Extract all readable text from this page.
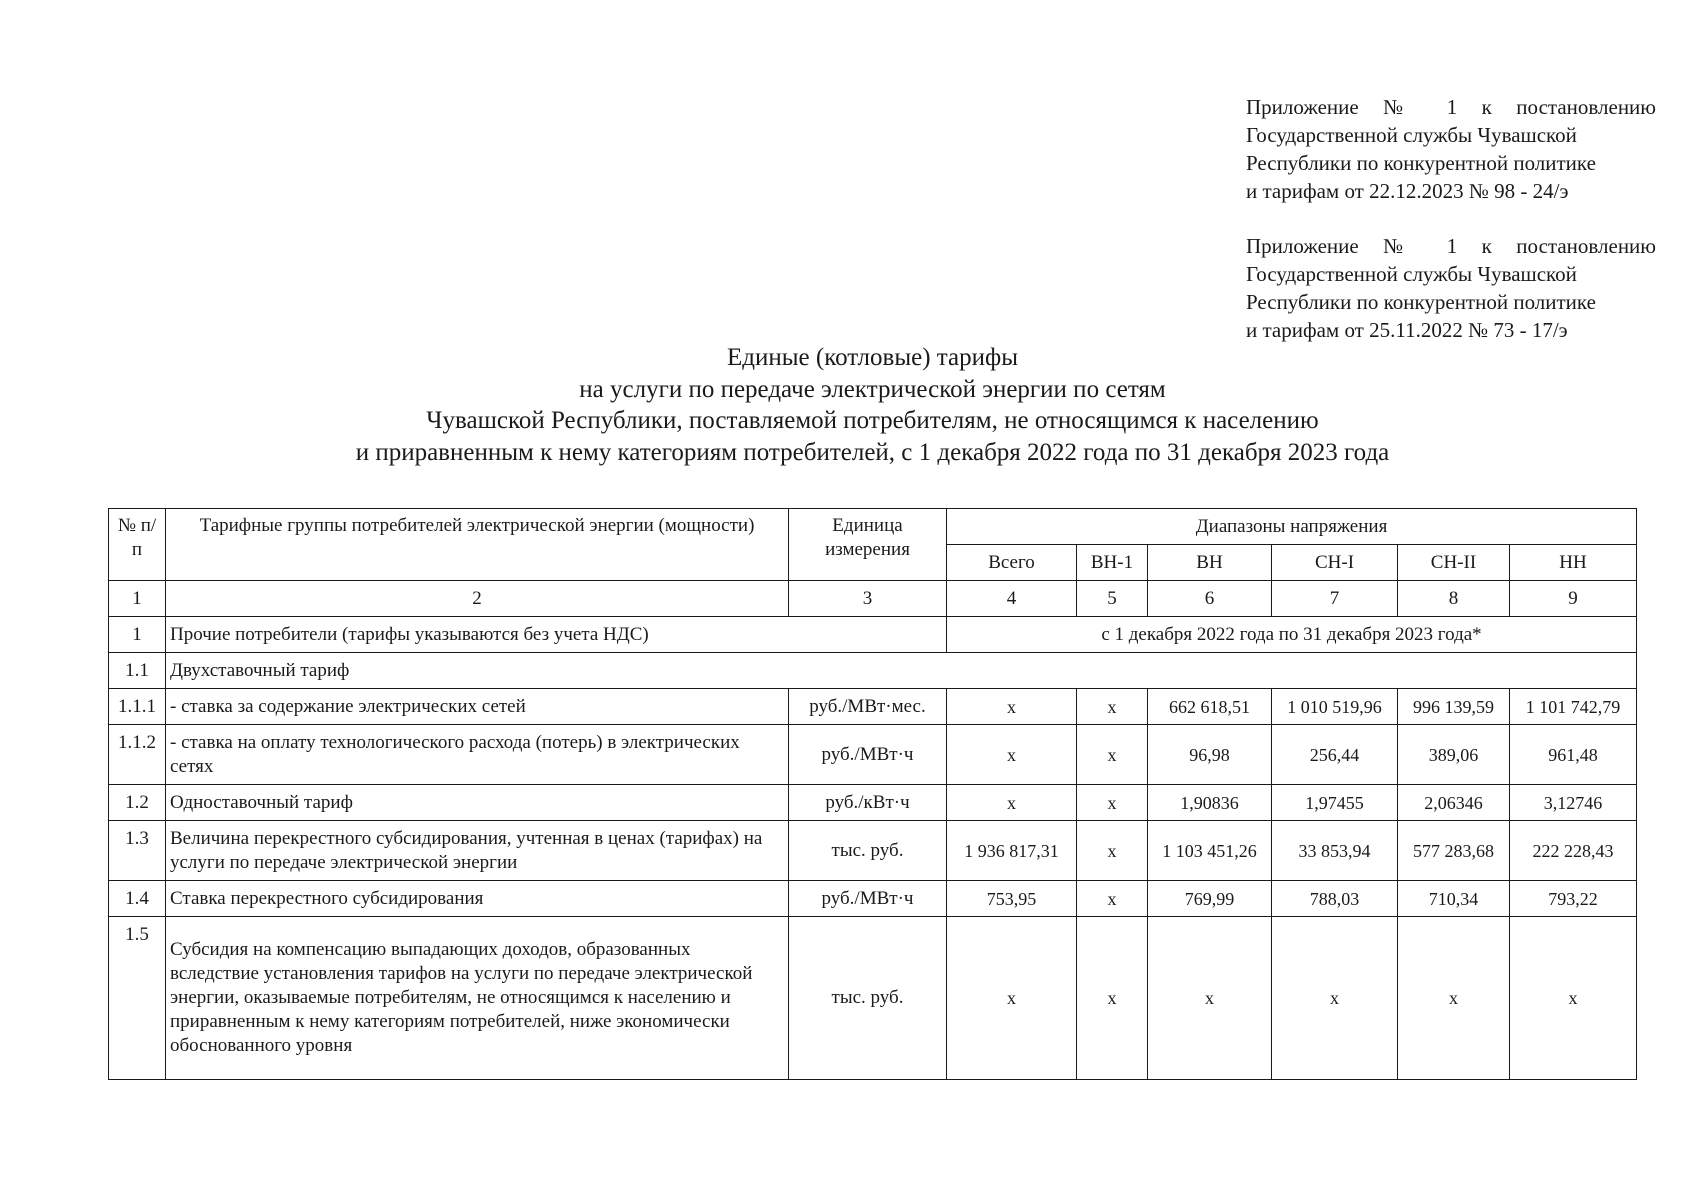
Приложение № 1 к постановлению
Государственной службы Чувашской
Республики по конкурентной политике
и тарифам от 22.12.2023 № 98 - 24/э
Приложение № 1 к постановлению
Государственной службы Чувашской
Республики по конкурентной политике
и тарифам от 25.11.2022 № 73 - 17/э
Единые (котловые) тарифы
на услуги по передаче электрической энергии по сетям
Чувашской Республики, поставляемой потребителям, не относящимся к населению
и приравненным к нему категориям потребителей, с 1 декабря 2022 года по 31 декабря 2023 года
№ п/п	Тарифные группы потребителей электрической энергии (мощности)	Единица измерения	Диапазоны напряжения					
			Всего	ВН-1	ВН	СН-I	СН-II	НН
1	2	3	4	5	6	7	8	9
1	Прочие потребители (тарифы указываются без учета НДС)		с 1 декабря 2022 года по 31 декабря 2023 года*					
1.1	Двухставочный тариф							
1.1.1	- ставка за содержание электрических сетей	руб./МВт·мес.	х	х	662 618,51	1 010 519,96	996 139,59	1 101 742,79
1.1.2	- ставка на оплату технологического расхода (потерь) в электрических сетях	руб./МВт·ч	х	х	96,98	256,44	389,06	961,48
1.2	Одноставочный тариф	руб./кВт·ч	х	х	1,90836	1,97455	2,06346	3,12746
1.3	Величина перекрестного субсидирования, учтенная в ценах (тарифах) на услуги по передаче электрической энергии	тыс. руб.	1 936 817,31	х	1 103 451,26	33 853,94	577 283,68	222 228,43
1.4	Ставка перекрестного субсидирования	руб./МВт·ч	753,95	х	769,99	788,03	710,34	793,22
1.5	Субсидия на компенсацию выпадающих доходов, образованных вследствие установления тарифов на услуги по передаче электрической энергии, оказываемые потребителям, не относящимся к населению и приравненным к нему категориям потребителей, ниже экономически обоснованного уровня	тыс. руб.	х	х	х	х	х	х
